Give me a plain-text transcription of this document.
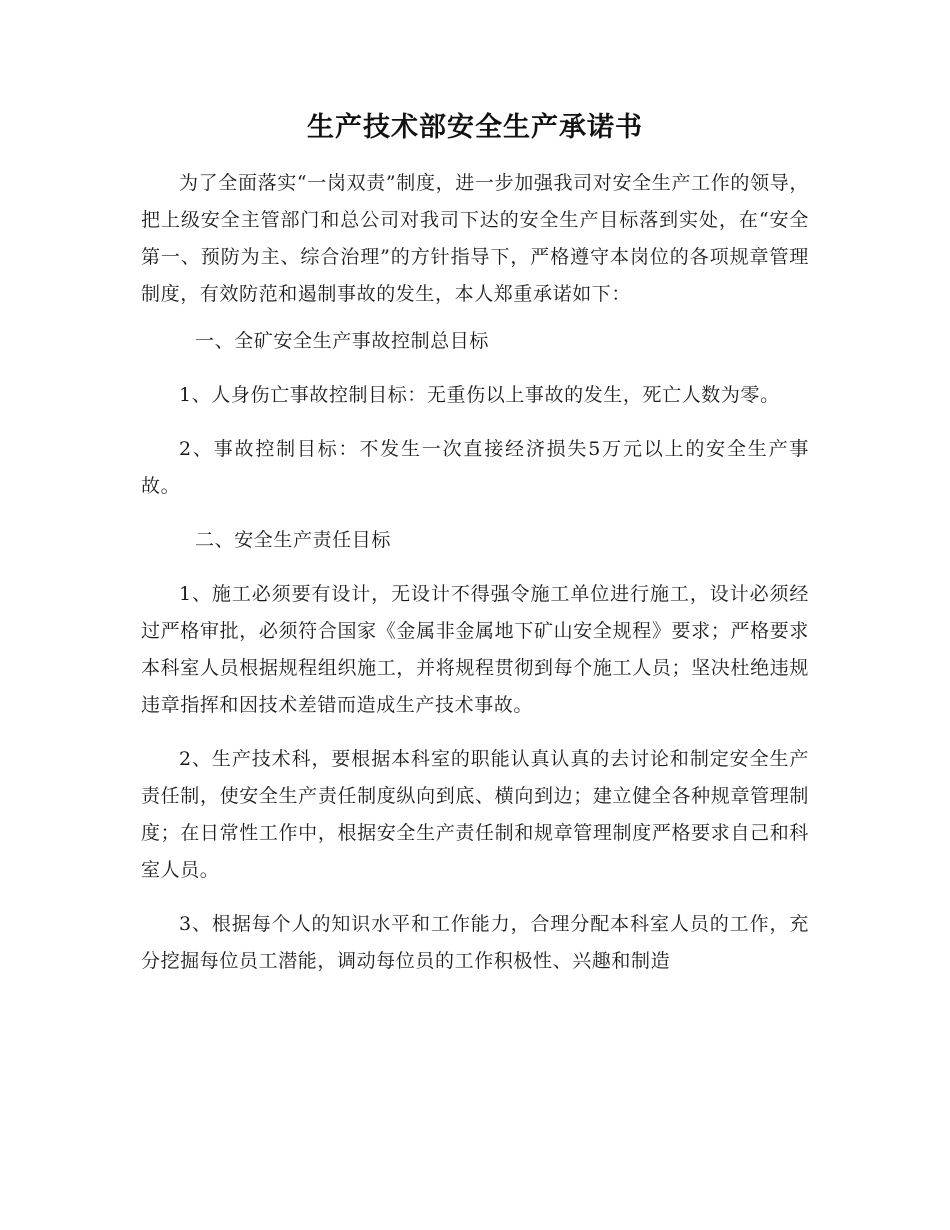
生产技术部安全生产承诺书

为了全面落实“一岗双责”制度，进一步加强我司对安全生产工作的领导，把上级安全主管部门和总公司对我司下达的安全生产目标落到实处，在“安全第一、预防为主、综合治理”的方针指导下，严格遵守本岗位的各项规章管理制度，有效防范和遏制事故的发生，本人郑重承诺如下：

一、全矿安全生产事故控制总目标

1、人身伤亡事故控制目标：无重伤以上事故的发生，死亡人数为零。

2、事故控制目标：不发生一次直接经济损失5万元以上的安全生产事故。

二、安全生产责任目标

1、施工必须要有设计，无设计不得强令施工单位进行施工，设计必须经过严格审批，必须符合国家《金属非金属地下矿山安全规程》要求；严格要求本科室人员根据规程组织施工，并将规程贯彻到每个施工人员；坚决杜绝违规违章指挥和因技术差错而造成生产技术事故。

2、生产技术科，要根据本科室的职能认真认真的去讨论和制定安全生产责任制，使安全生产责任制度纵向到底、横向到边；建立健全各种规章管理制度；在日常性工作中，根据安全生产责任制和规章管理制度严格要求自己和科室人员。

3、根据每个人的知识水平和工作能力，合理分配本科室人员的工作，充分挖掘每位员工潜能，调动每位员的工作积极性、兴趣和制造
